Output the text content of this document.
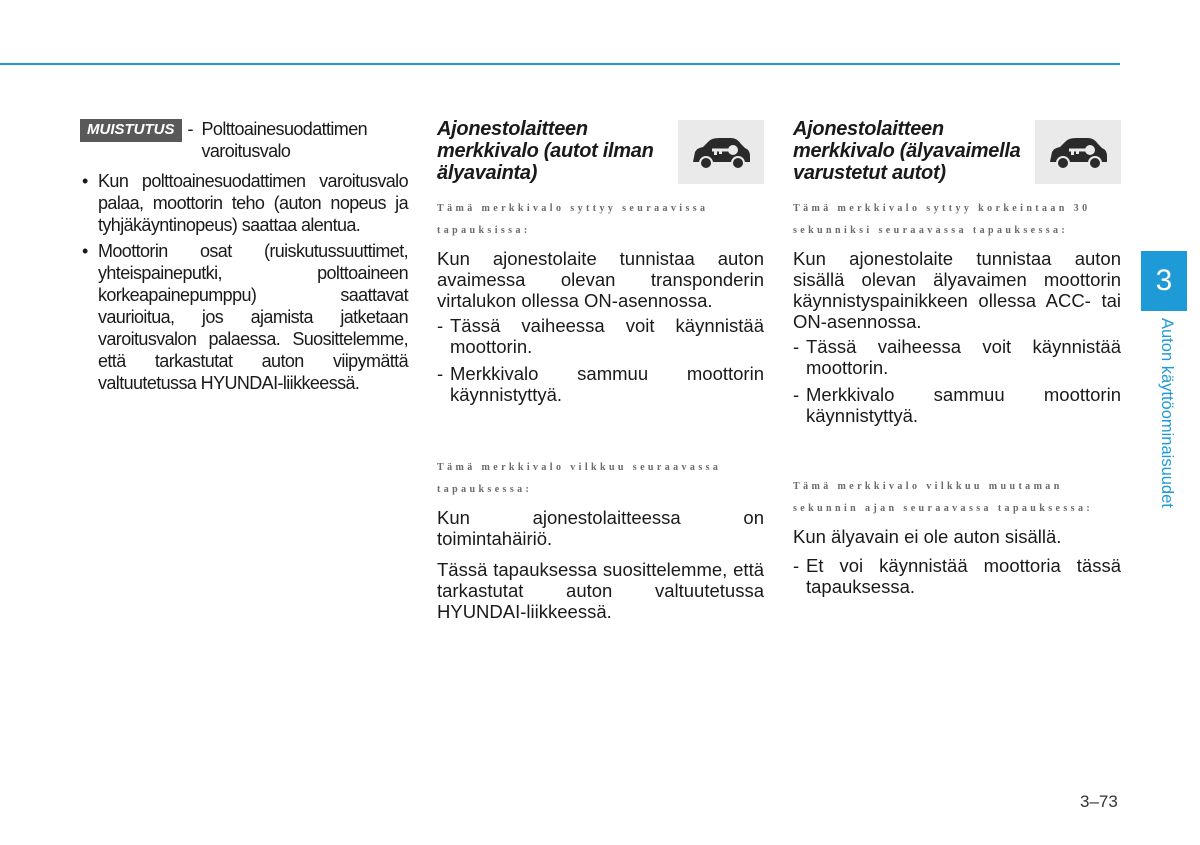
MUISTUTUS - Polttoainesuodattimen varoitusvalo
• Kun polttoainesuodattimen varoitusvalo palaa, moottorin teho (auton nopeus ja tyhjäkäyntinopeus) saattaa alentua.
• Moottorin osat (ruiskutussuuttimet, yhteispaineputki, polttoaineen korkeapainepumppu) saattavat vaurioitua, jos ajamista jatketaan varoitusvalon palaessa. Suosittelemme, että tarkastutat auton viipymättä valtuutetussa HYUNDAI-liikkeessä.
Ajonestolaitteen merkkivalo (autot ilman älyavainta)
Tämä merkkivalo syttyy seuraavissa tapauksissa:

Kun ajonestolaite tunnistaa auton avaimessa olevan transponderin virtalukon ollessa ON-asennossa.

- Tässä vaiheessa voit käynnistää moottorin.
- Merkkivalo sammuu moottorin käynnistyttyä.
Tämä merkkivalo vilkkuu seuraavassa tapauksessa:

Kun ajonestolaitteessa on toimintahäiriö.

Tässä tapauksessa suosittelemme, että tarkastutat auton valtuutetussa HYUNDAI-liikkeessä.

Ajonestolaitteen merkkivalo (älyavaimella varustetut autot)
Tämä merkkivalo syttyy korkeintaan 30 sekunniksi seuraavassa tapauksessa:

Kun ajonestolaite tunnistaa auton sisällä olevan älyavaimen moottorin käynnistyspainikkeen ollessa ACC- tai ON-asennossa.

- Tässä vaiheessa voit käynnistää moottorin.
- Merkkivalo sammuu moottorin käynnistyttyä.
Tämä merkkivalo vilkkuu muutaman sekunnin ajan seuraavassa tapauksessa:

Kun älyavain ei ole auton sisällä.

- Et voi käynnistää moottoria tässä tapauksessa.
3
Auton käyttöominaisuudet
3–73
